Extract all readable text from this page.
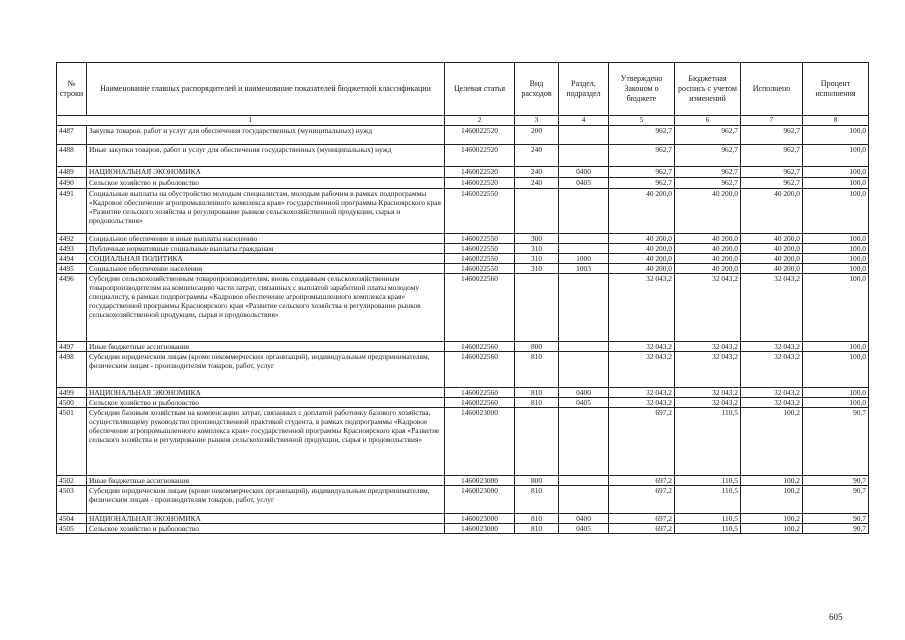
№ строки	Наименование главных распорядителей и наименование показателей бюджетной классификации	Целевая статья	Вид расходов	Раздел, подраздел	Утверждено Законом о бюджете	Бюджетная роспись с учетом изменений	Исполнено	Процент исполнения
1		2	3	4	5	6	7	8
4487	Закупка товаров, работ и услуг для обеспечения государственных (муниципальных) нужд	1460022520	200		962,7	962,7	962,7	100,0
4488	Иные закупки товаров, работ и услуг для обеспечения государственных (муниципальных) нужд	1460022520	240		962,7	962,7	962,7	100,0
4489	НАЦИОНАЛЬНАЯ ЭКОНОМИКА	1460022520	240	0400	962,7	962,7	962,7	100,0
4490	Сельское хозяйство и рыболовство	1460022520	240	0405	962,7	962,7	962,7	100,0
4491	Социальные выплаты на обустройство молодым специалистам, молодым рабочим в рамках подпрограммы «Кадровое обеспечение агропромышленного комплекса края» государственной программы Красноярского края «Развитие сельского хозяйства и регулирование рынков сельскохозяйственной продукции, сырья и продовольствия»	1460022550			40 200,0	40 200,0	40 200,0	100,0
4492	Социальное обеспечение и иные выплаты населению	1460022550	300		40 200,0	40 200,0	40 200,0	100,0
4493	Публичные нормативные социальные выплаты гражданам	1460022550	310		40 200,0	40 200,0	40 200,0	100,0
4494	СОЦИАЛЬНАЯ ПОЛИТИКА	1460022550	310	1000	40 200,0	40 200,0	40 200,0	100,0
4495	Социальное обеспечение населения	1460022550	310	1003	40 200,0	40 200,0	40 200,0	100,0
4496	Субсидии сельскохозяйственным товаропроизводителям, вновь созданным сельскохозяйственным товаропроизводителям на компенсацию части затрат, связанных с выплатой заработной платы молодому специалисту, в рамках подпрограммы «Кадровое обеспечение агропромышленного комплекса края» государственной программы Красноярского края «Развитие сельского хозяйства и регулирование рынков сельскохозяйственной продукции, сырья и продовольствия»	1460022560			32 043,2	32 043,2	32 043,2	100,0
4497	Иные бюджетные ассигнования	1460022560	800		32 043,2	32 043,2	32 043,2	100,0
4498	Субсидии юридическим лицам (кроме некоммерческих организаций), индивидуальным предпринимателям, физическим лицам - производителям товаров, работ, услуг	1460022560	810		32 043,2	32 043,2	32 043,2	100,0
4499	НАЦИОНАЛЬНАЯ ЭКОНОМИКА	1460022560	810	0400	32 043,2	32 043,2	32 043,2	100,0
4500	Сельское хозяйство и рыболовство	1460022560	810	0405	32 043,2	32 043,2	32 043,2	100,0
4501	Субсидии базовым хозяйствам на компенсацию затрат, связанных с доплатой работнику базового хозяйства, осуществляющему руководство производственной практикой студента, в рамках подпрограммы «Кадровое обеспечение агропромышленного комплекса края» государственной программы Красноярского края «Развитие сельского хозяйства и регулирование рынков сельскохозяйственной продукции, сырья и продовольствия»	1460023000			697,2	110,5	100,2	90,7
4502	Иные бюджетные ассигнования	1460023000	800		697,2	110,5	100,2	90,7
4503	Субсидии юридическим лицам (кроме некоммерческих организаций), индивидуальным предпринимателям, физическим лицам - производителям товаров, работ, услуг	1460023000	810		697,2	110,5	100,2	90,7
4504	НАЦИОНАЛЬНАЯ ЭКОНОМИКА	1460023000	810	0400	697,2	110,5	100,2	90,7
4505	Сельское хозяйство и рыболовство	1460023000	810	0405	697,2	110,5	100,2	90,7
605
